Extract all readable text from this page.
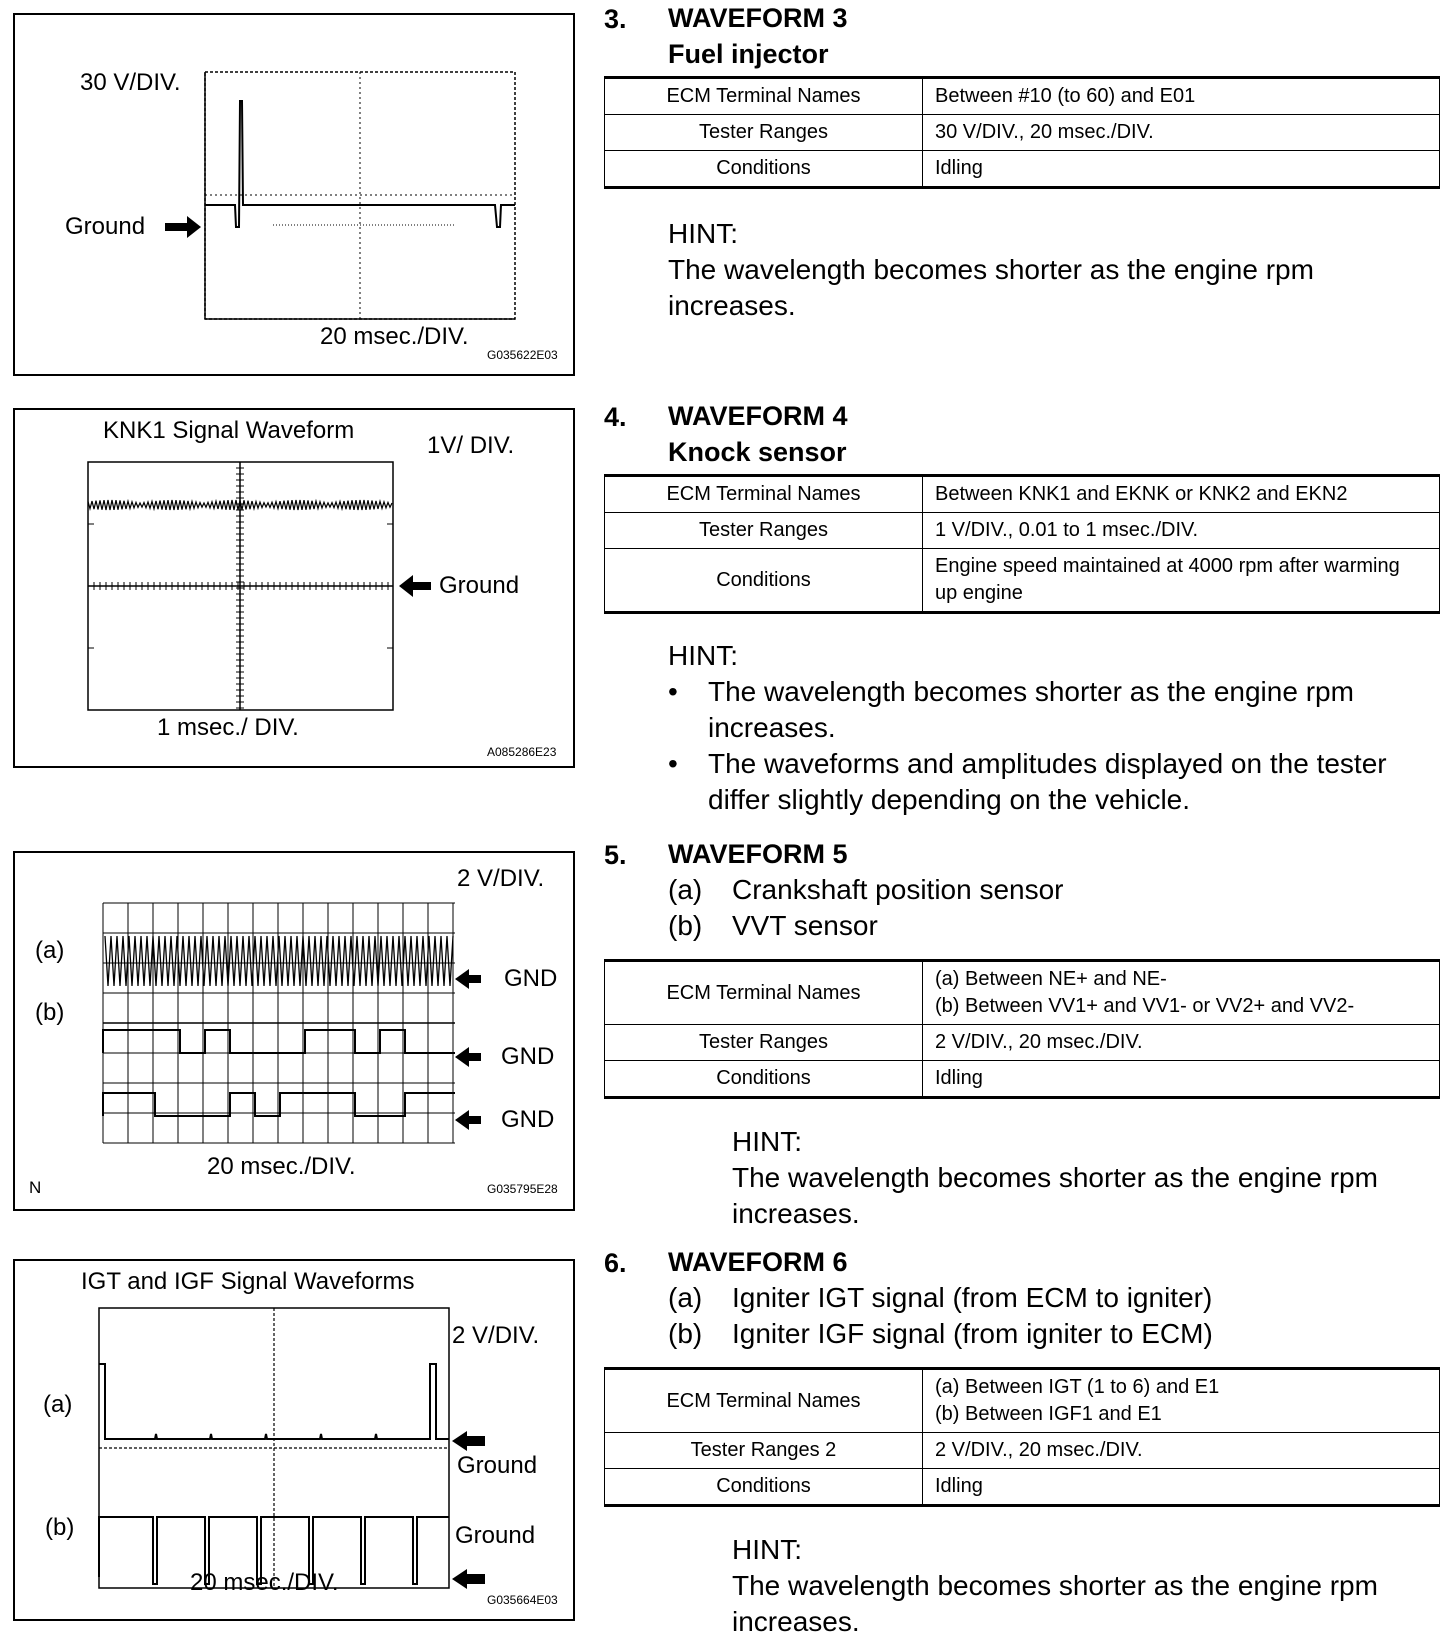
30 V/DIV.
Ground
20 msec./DIV.
G035622E03
KNK1 Signal Waveform
1V/ DIV.
Ground
1 msec./ DIV.
A085286E23
2 V/DIV.
(a)
(b)
GND
GND
GND
20 msec./DIV.
N	G035795E28
IGT and IGF Signal Waveforms
2 V/DIV.
(a)
(b)
Ground
Ground
20 msec./DIV.
G035664E03
3. WAVEFORM 3
Fuel injector
ECM Terminal Names	Between #10 (to 60) and E01
Tester Ranges	30 V/DIV., 20 msec./DIV.
Conditions	Idling
HINT:
The wavelength becomes shorter as the engine rpm increases.
4. WAVEFORM 4
Knock sensor
ECM Terminal Names	Between KNK1 and EKNK or KNK2 and EKN2
Tester Ranges	1 V/DIV., 0.01 to 1 msec./DIV.
Conditions	Engine speed maintained at 4000 rpm after warming up engine
HINT:
• The wavelength becomes shorter as the engine rpm increases.
• The waveforms and amplitudes displayed on the tester differ slightly depending on the vehicle.
5. WAVEFORM 5
(a) Crankshaft position sensor
(b) VVT sensor
ECM Terminal Names	(a) Between NE+ and NE-
(b) Between VV1+ and VV1- or VV2+ and VV2-

Tester Ranges	2 V/DIV., 20 msec./DIV.
Conditions	Idling
HINT:
The wavelength becomes shorter as the engine rpm increases.
6. WAVEFORM 6
(a) Igniter IGT signal (from ECM to igniter)
(b) Igniter IGF signal (from igniter to ECM)
ECM Terminal Names	(a) Between IGT (1 to 6) and E1
(b) Between IGF1 and E1

Tester Ranges 2	2 V/DIV., 20 msec./DIV.
Conditions	Idling
HINT:
The wavelength becomes shorter as the engine rpm increases.
